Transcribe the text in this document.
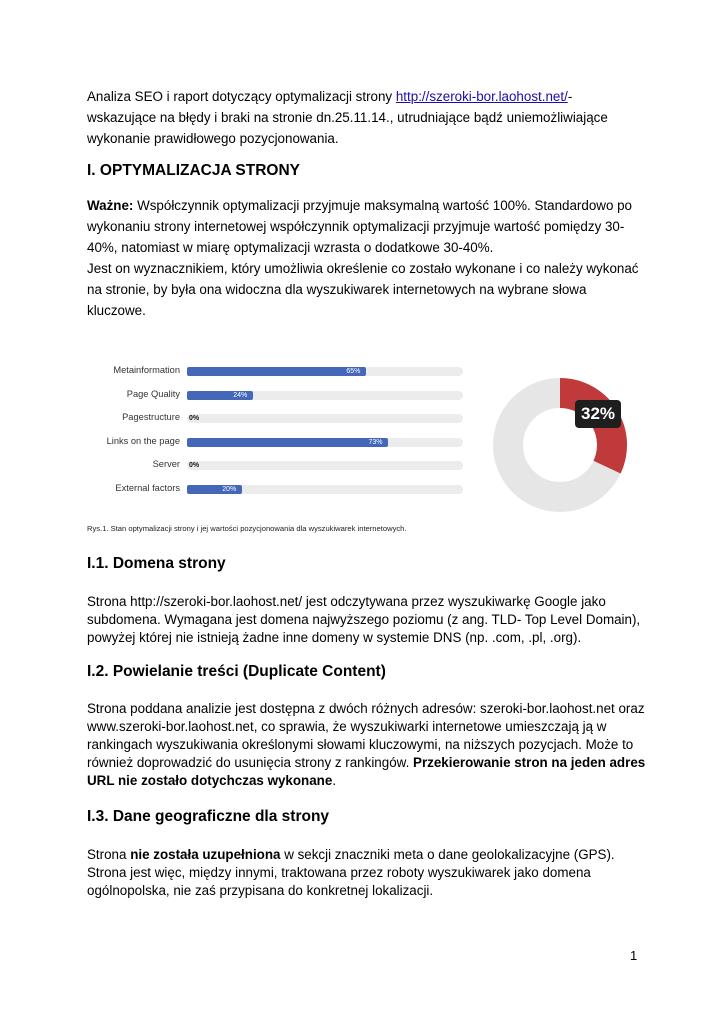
Analiza SEO i raport dotyczący optymalizacji strony http://szeroki-bor.laohost.net/-
wskazujące na błędy i braki na stronie dn.25.11.14., utrudniające bądź uniemożliwiające
wykonanie prawidłowego pozycjonowania.

I. OPTYMALIZACJA STRONY

Ważne: Współczynnik optymalizacji przyjmuje maksymalną wartość 100%. Standardowo po wykonaniu strony internetowej współczynnik optymalizacji przyjmuje wartość pomiędzy 30-40%, natomiast w miarę optymalizacji wzrasta o dodatkowe 30-40%.
Jest on wyznacznikiem, który umożliwia określenie co zostało wykonane i co należy wykonać na stronie, by była ona widoczna dla wyszukiwarek internetowych na wybrane słowa kluczowe.

Metainformation	65%
Page Quality	24%
Pagestructure 0%
Links on the page	73%
Server 0%
External factors	20%
32%
Rys.1. Stan optymalizacji strony i jej wartości pozycjonowania dla wyszukiwarek internetowych.
I.1. Domena strony

Strona http://szeroki-bor.laohost.net/ jest odczytywana przez wyszukiwarkę Google jako subdomena. Wymagana jest domena najwyższego poziomu (z ang. TLD- Top Level Domain), powyżej której nie istnieją żadne inne domeny w systemie DNS (np. .com, .pl, .org).

I.2. Powielanie treści (Duplicate Content)

Strona poddana analizie jest dostępna z dwóch różnych adresów: szeroki-bor.laohost.net oraz www.szeroki-bor.laohost.net, co sprawia, że wyszukiwarki internetowe umieszczają ją w rankingach wyszukiwania określonymi słowami kluczowymi, na niższych pozycjach. Może to również doprowadzić do usunięcia strony z rankingów. Przekierowanie stron na jeden adres URL nie zostało dotychczas wykonane.

I.3. Dane geograficzne dla strony

Strona nie została uzupełniona w sekcji znaczniki meta o dane geolokalizacyjne (GPS). Strona jest więc, między innymi, traktowana przez roboty wyszukiwarek jako domena ogólnopolska, nie zaś przypisana do konkretnej lokalizacji.

1
